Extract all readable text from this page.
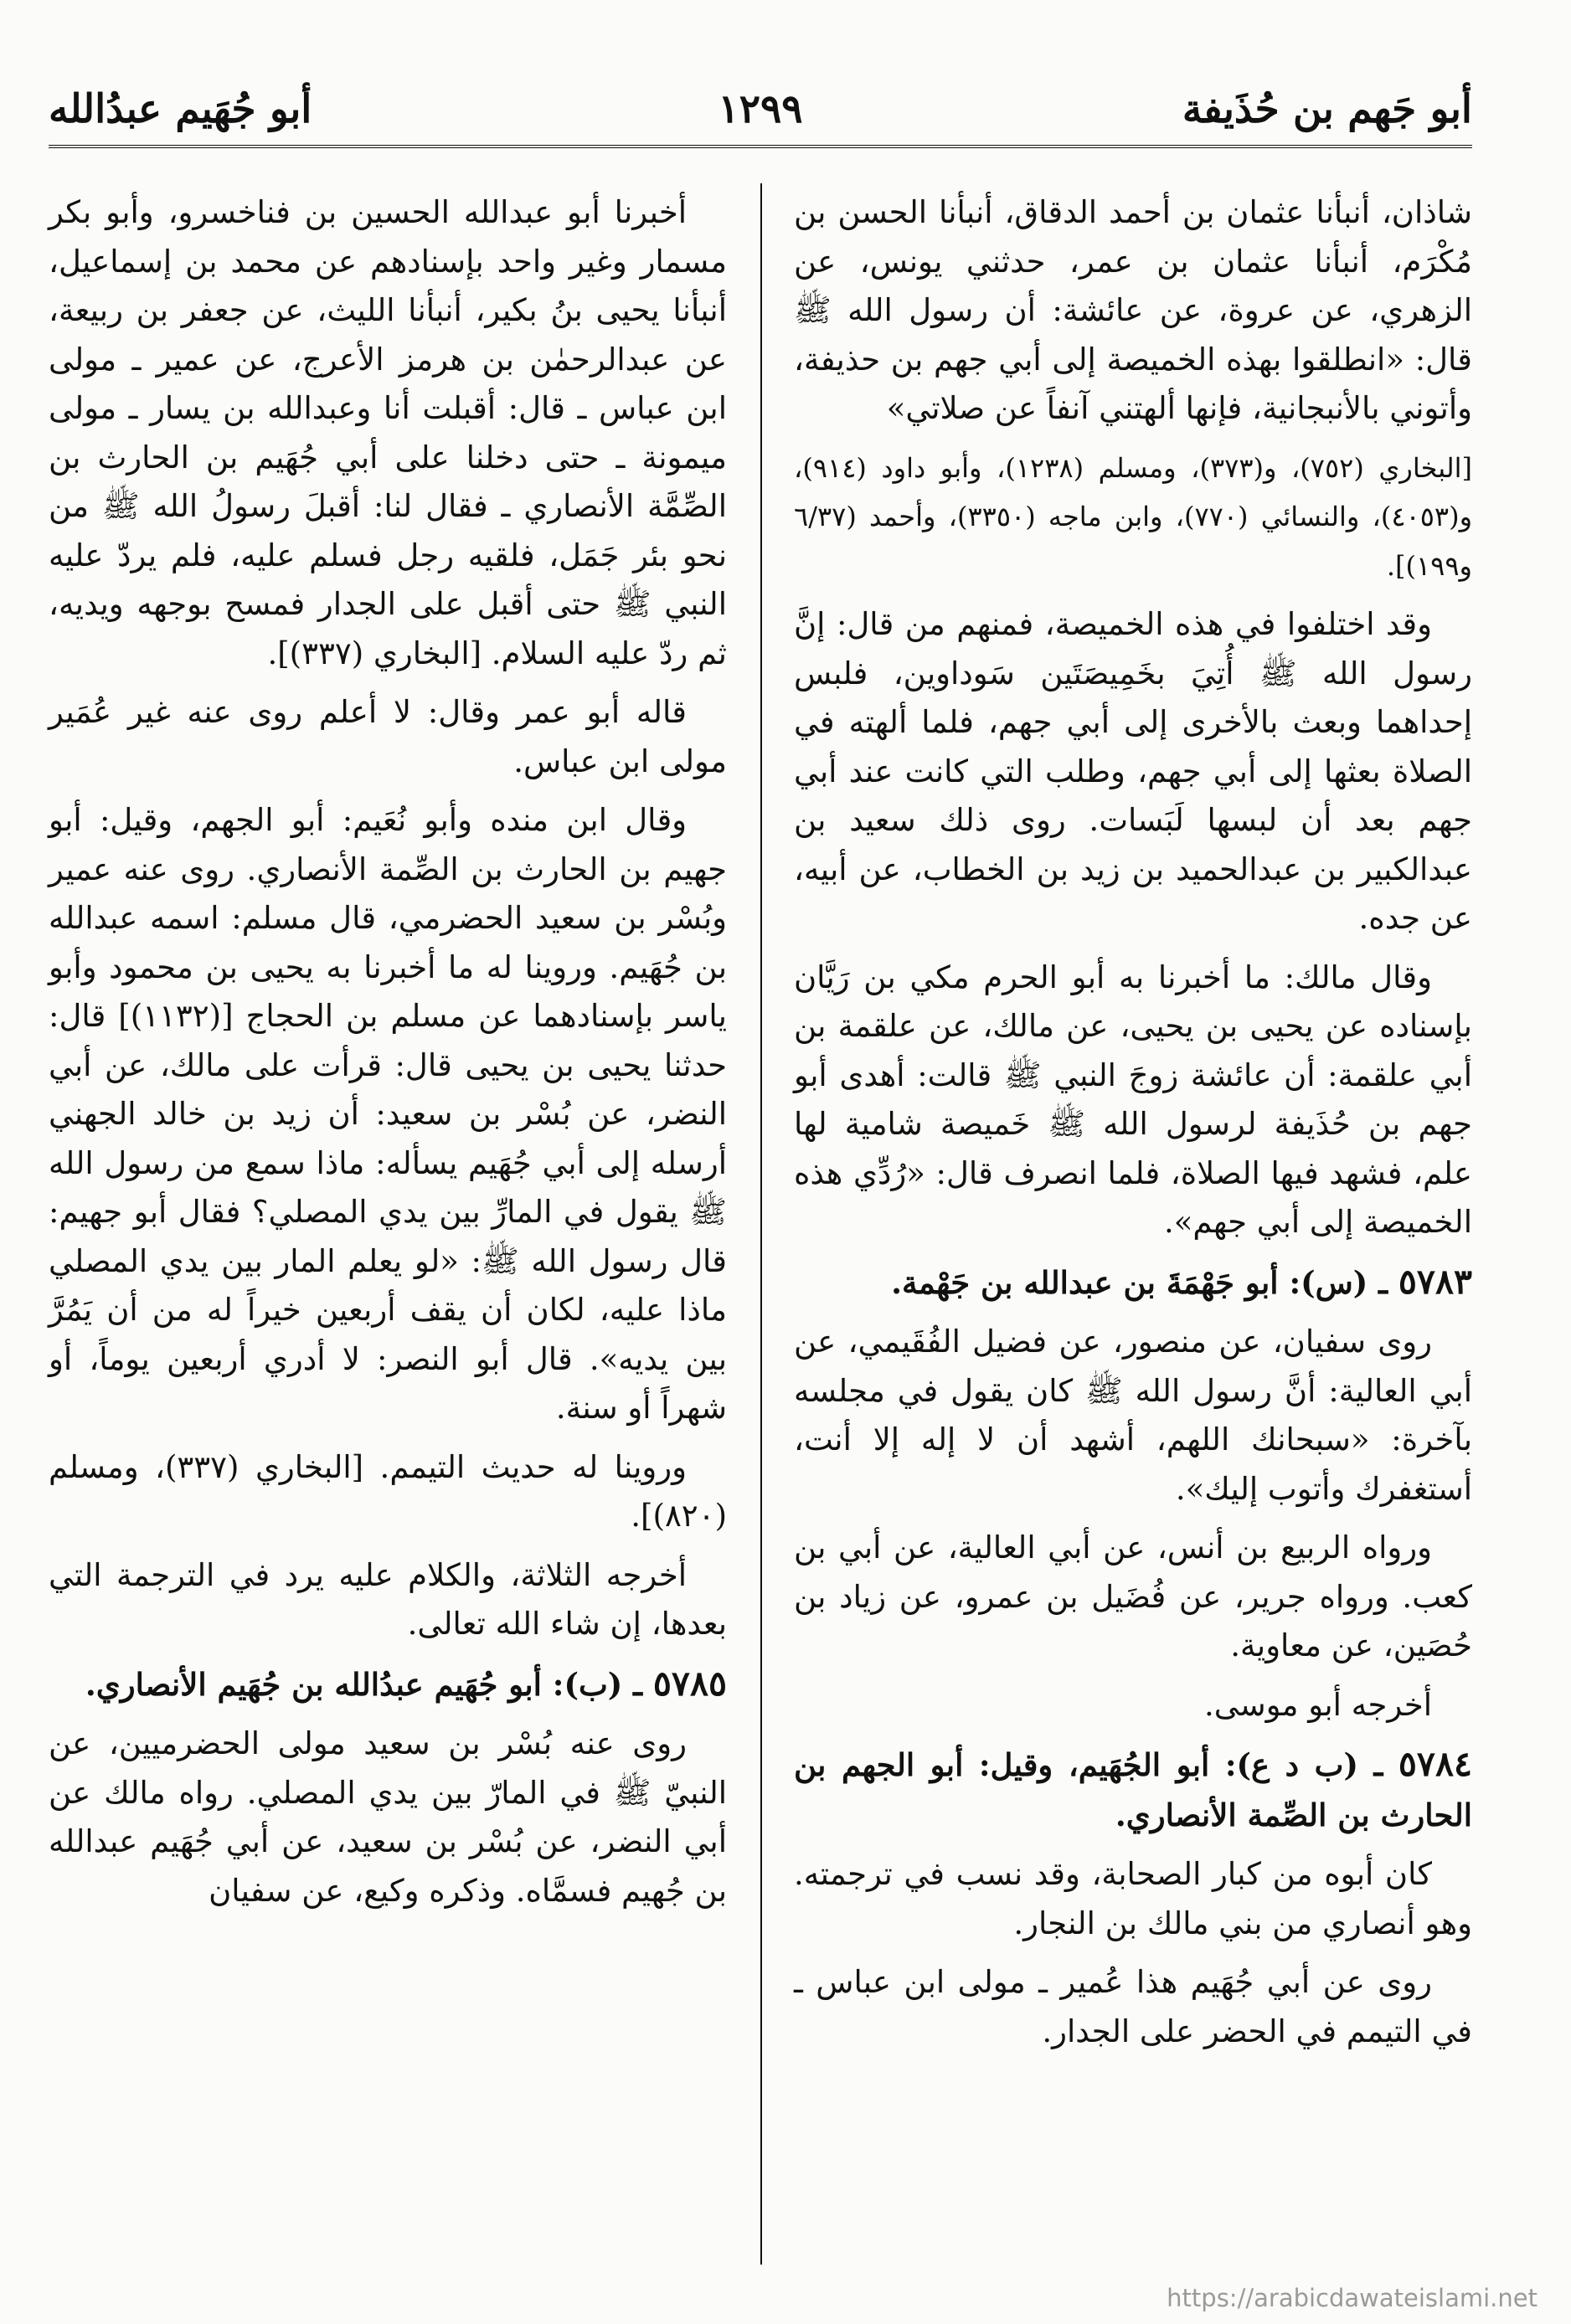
أبو جَهم بن حُذَيفة
١٢٩٩
أبو جُهَيم عبدُالله

شاذان، أنبأنا عثمان بن أحمد الدقاق، أنبأنا الحسن بن مُكْرَم، أنبأنا عثمان بن عمر، حدثني يونس، عن الزهري، عن عروة، عن عائشة: أن رسول الله ﷺ قال: «انطلقوا بهذه الخميصة إلى أبي جهم بن حذيفة، وأتوني بالأنبجانية، فإنها ألهتني آنفاً عن صلاتي»

[البخاري (٧٥٢)، و(٣٧٣)، ومسلم (١٢٣٨)، وأبو داود (٩١٤)، و(٤٠٥٣)، والنسائي (٧٧٠)، وابن ماجه (٣٣٥٠)، وأحمد (٦/٣٧ و١٩٩)].

وقد اختلفوا في هذه الخميصة، فمنهم من قال: إنَّ رسول الله ﷺ أُتِيَ بخَمِيصَتَين سَوداوين، فلبس إحداهما وبعث بالأخرى إلى أبي جهم، فلما ألهته في الصلاة بعثها إلى أبي جهم، وطلب التي كانت عند أبي جهم بعد أن لبسها لَبَسات. روى ذلك سعيد بن عبدالكبير بن عبدالحميد بن زيد بن الخطاب، عن أبيه، عن جده.

وقال مالك: ما أخبرنا به أبو الحرم مكي بن رَيَّان بإسناده عن يحيى بن يحيى، عن مالك، عن علقمة بن أبي علقمة: أن عائشة زوجَ النبي ﷺ قالت: أهدى أبو جهم بن حُذَيفة لرسول الله ﷺ خَميصة شامية لها علم، فشهد فيها الصلاة، فلما انصرف قال: «رُدِّي هذه الخميصة إلى أبي جهم».

٥٧٨٣ ـ (س): أبو جَهْمَةَ بن عبدالله بن جَهْمة.

روى سفيان، عن منصور، عن فضيل الفُقَيمي، عن أبي العالية: أنَّ رسول الله ﷺ كان يقول في مجلسه بآخرة: «سبحانك اللهم، أشهد أن لا إله إلا أنت، أستغفرك وأتوب إليك».

ورواه الربيع بن أنس، عن أبي العالية، عن أبي بن كعب. ورواه جرير، عن فُضَيل بن عمرو، عن زياد بن حُصَين، عن معاوية.

أخرجه أبو موسى.

٥٧٨٤ ـ (ب د ع): أبو الجُهَيم، وقيل: أبو الجهم بن الحارث بن الصِّمة الأنصاري.

كان أبوه من كبار الصحابة، وقد نسب في ترجمته. وهو أنصاري من بني مالك بن النجار.

روى عن أبي جُهَيم هذا عُمير ـ مولى ابن عباس ـ في التيمم في الحضر على الجدار.

أخبرنا أبو عبدالله الحسين بن فناخسرو، وأبو بكر مسمار وغير واحد بإسنادهم عن محمد بن إسماعيل، أنبأنا يحيى بنُ بكير، أنبأنا الليث، عن جعفر بن ربيعة، عن عبدالرحمٰن بن هرمز الأعرج، عن عمير ـ مولى ابن عباس ـ قال: أقبلت أنا وعبدالله بن يسار ـ مولى ميمونة ـ حتى دخلنا على أبي جُهَيم بن الحارث بن الصِّمَّة الأنصاري ـ فقال لنا: أقبلَ رسولُ الله ﷺ من نحو بئر جَمَل، فلقيه رجل فسلم عليه، فلم يردّ عليه النبي ﷺ حتى أقبل على الجدار فمسح بوجهه ويديه، ثم ردّ عليه السلام. [البخاري (٣٣٧)].

قاله أبو عمر وقال: لا أعلم روى عنه غير عُمَير مولى ابن عباس.

وقال ابن منده وأبو نُعَيم: أبو الجهم، وقيل: أبو جهيم بن الحارث بن الصِّمة الأنصاري. روى عنه عمير وبُسْر بن سعيد الحضرمي، قال مسلم: اسمه عبدالله بن جُهَيم. وروينا له ما أخبرنا به يحيى بن محمود وأبو ياسر بإسنادهما عن مسلم بن الحجاج [(١١٣٢)] قال: حدثنا يحيى بن يحيى قال: قرأت على مالك، عن أبي النضر، عن بُسْر بن سعيد: أن زيد بن خالد الجهني أرسله إلى أبي جُهَيم يسأله: ماذا سمع من رسول الله ﷺ يقول في المارِّ بين يدي المصلي؟ فقال أبو جهيم: قال رسول الله ﷺ: «لو يعلم المار بين يدي المصلي ماذا عليه، لكان أن يقف أربعين خيراً له من أن يَمُرَّ بين يديه». قال أبو النصر: لا أدري أربعين يوماً، أو شهراً أو سنة.

وروينا له حديث التيمم. [البخاري (٣٣٧)، ومسلم (٨٢٠)].

أخرجه الثلاثة، والكلام عليه يرد في الترجمة التي بعدها، إن شاء الله تعالى.

٥٧٨٥ ـ (ب): أبو جُهَيم عبدُالله بن جُهَيم الأنصاري.

روى عنه بُسْر بن سعيد مولى الحضرميين، عن النبيّ ﷺ في المارّ بين يدي المصلي. رواه مالك عن أبي النضر، عن بُسْر بن سعيد، عن أبي جُهَيم عبدالله بن جُهيم فسمَّاه. وذكره وكيع، عن سفيان

https://arabicdawateislami.net
